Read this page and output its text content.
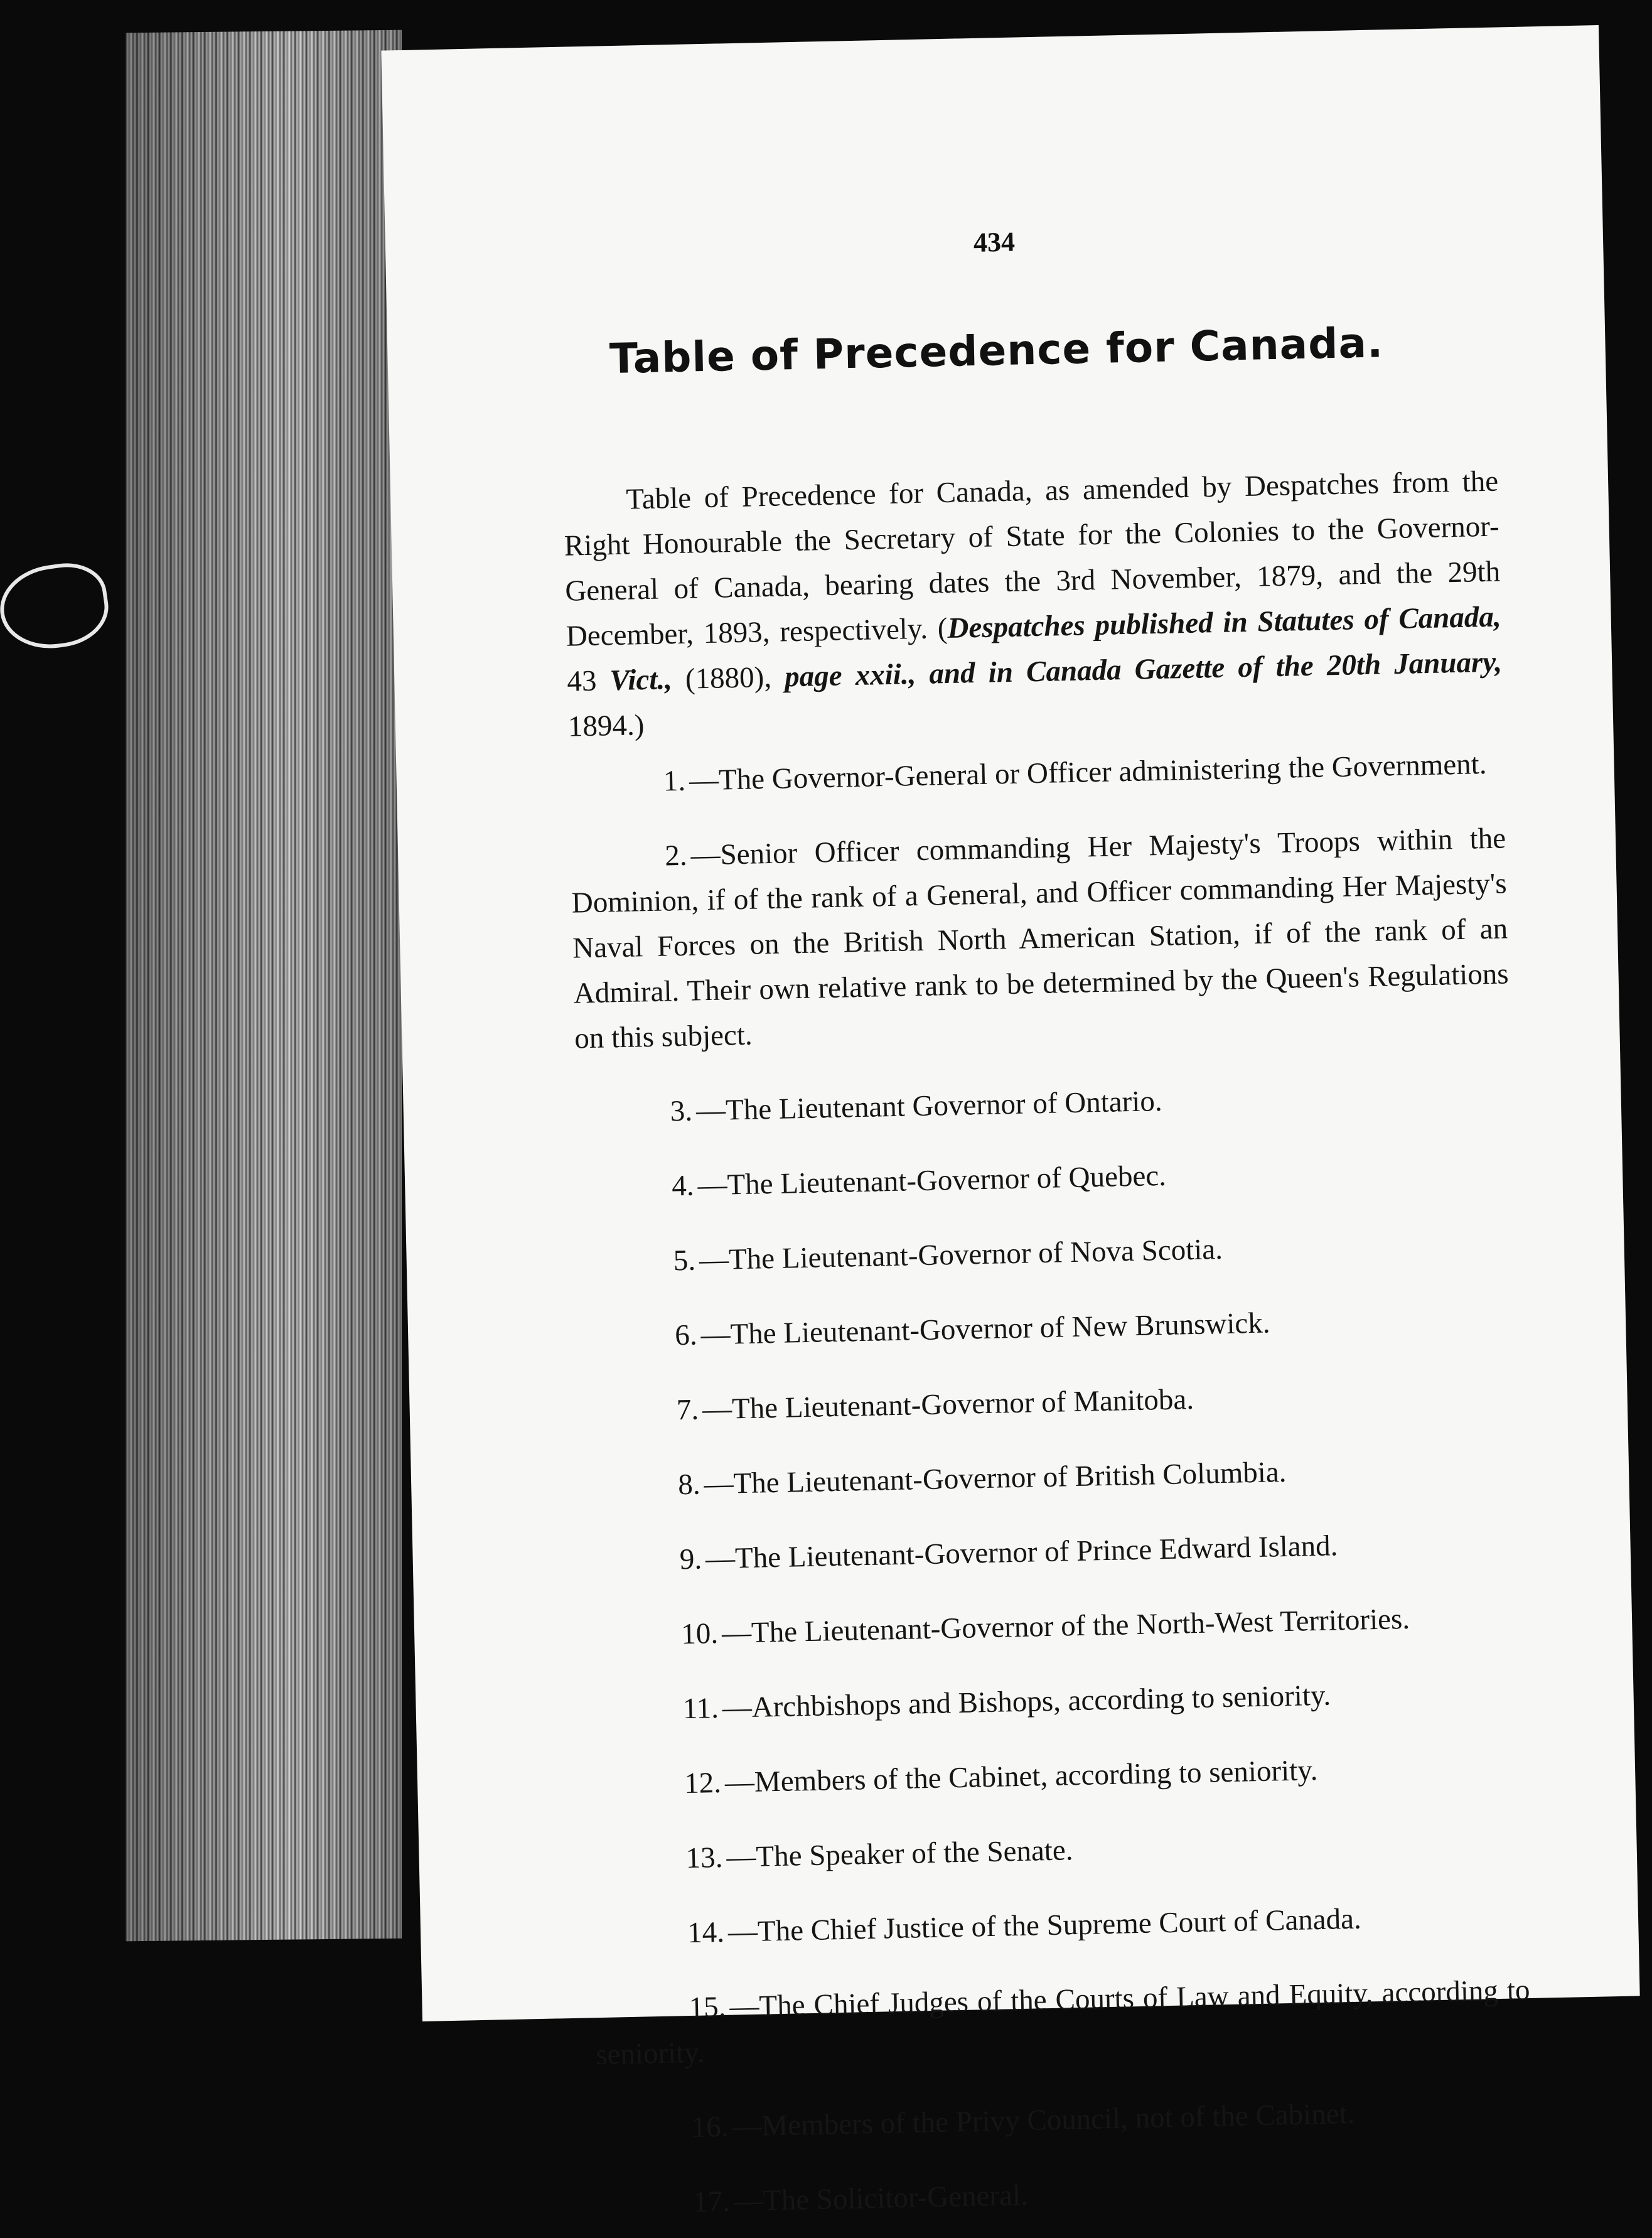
434
Table of Precedence for Canada.

Table of Precedence for Canada, as amended by Despatches from the Right Honourable the Secretary of State for the Colonies to the Governor-General of Canada, bearing dates the 3rd November, 1879, and the 29th December, 1893, respectively. (Despatches published in Statutes of Canada, 43 Vict., (1880), page xxii., and in Canada Gazette of the 20th January, 1894.)

1. —The Governor-General or Officer administering the Government.

2. —Senior Officer commanding Her Majesty's Troops within the Dominion, if of the rank of a General, and Officer commanding Her Majesty's Naval Forces on the British North American Station, if of the rank of an Admiral. Their own relative rank to be determined by the Queen's Regulations on this subject.

3. —The Lieutenant Governor of Ontario.

4. —The Lieutenant-Governor of Quebec.

5. —The Lieutenant-Governor of Nova Scotia.

6. —The Lieutenant-Governor of New Brunswick.

7. —The Lieutenant-Governor of Manitoba.

8. —The Lieutenant-Governor of British Columbia.

9. —The Lieutenant-Governor of Prince Edward Island.

10. —The Lieutenant-Governor of the North-West Territories.

11. —Archbishops and Bishops, according to seniority.

12. —Members of the Cabinet, according to seniority.

13. —The Speaker of the Senate.

14. —The Chief Justice of the Supreme Court of Canada.

15. —The Chief Judges of the Courts of Law and Equity, according to seniority.

16. —Members of the Privy Council, not of the Cabinet.

17. —The Solicitor-General.
